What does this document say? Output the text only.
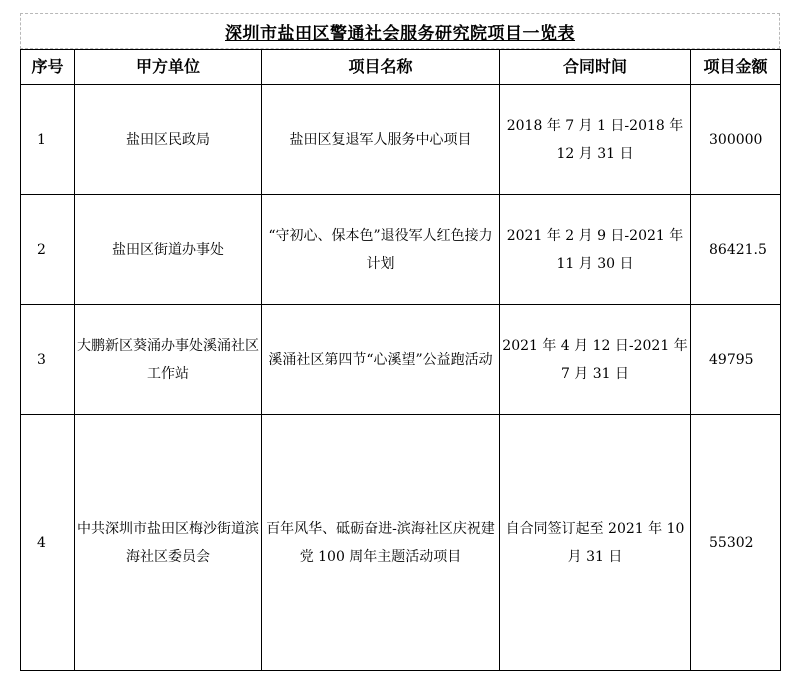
深圳市盐田区警通社会服务研究院项目一览表
序号	甲方单位	项目名称	合同时间	项目金额

1	盐田区民政局	盐田区复退军人服务中心项目	2018 年 7 月 1 日-2018 年 12 月 31 日	300000

2	盐田区街道办事处	“守初心、保本色”退役军人红色接力计划	2021 年 2 月 9 日-2021 年 11 月 30 日	86421.5

3	大鹏新区葵涌办事处溪涌社区工作站	溪涌社区第四节“心溪望”公益跑活动	2021 年 4 月 12 日-2021 年 7 月 31 日	49795

4	中共深圳市盐田区梅沙街道滨海社区委员会	百年风华、砥砺奋进-滨海社区庆祝建党 100 周年主题活动项目	自合同签订起至 2021 年 10 月 31 日	55302
